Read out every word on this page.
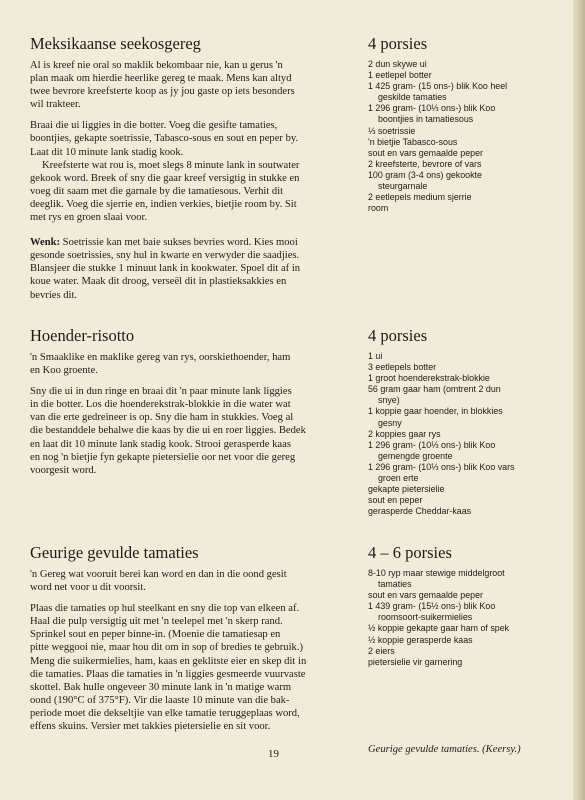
Meksikaanse seekosgereg

Al is kreef nie oral so maklik bekombaar nie, kan u gerus 'n
plan maak om hierdie heerlike gereg te maak. Mens kan altyd
twee bevrore kreefsterte koop as jy jou gaste op iets besonders
wil trakteer.

Braai die ui liggies in die botter. Voeg die gesifte tamaties,
boontjies, gekapte soetrissie, Tabasco-sous en sout en peper by.
Laat dit 10 minute lank stadig kook.

Kreefsterte wat rou is, moet slegs 8 minute lank in soutwater
gekook word. Breek of sny die gaar kreef versigtig in stukke en
voeg dit saam met die garnale by die tamatiesous. Verhit dit
deeglik. Voeg die sjerrie en, indien verkies, bietjie room by. Sit
met rys en groen slaai voor.

Wenk: Soetrissie kan met baie sukses bevries word. Kies mooi
gesonde soetrissies, sny hul in kwarte en verwyder die saadjies.
Blansjeer die stukke 1 minuut lank in kookwater. Spoel dit af in
koue water. Maak dit droog, verseël dit in plastieksakkies en
bevries dit.

4 porsies
2 dun skywe ui
1 eetlepel botter
1 425 gram- (15 ons-) blik Koo heel
geskilde tamaties
1 296 gram- (10⅓ ons-) blik Koo
boontjies in tamatiesous
⅓ soetrissie
'n bietjie Tabasco-sous
sout en vars gemaalde peper
2 kreefsterte, bevrore of vars
100 gram (3-4 ons) gekookte
steurgarnale
2 eetlepels medium sjerrie
room
Hoender-risotto

'n Smaaklike en maklike gereg van rys, oorskiethoender, ham
en Koo groente.

Sny die ui in dun ringe en braai dit 'n paar minute lank liggies
in die botter. Los die hoenderekstrak-blokkie in die water wat
van die erte gedreineer is op. Sny die ham in stukkies. Voeg al
die bestanddele behalwe die kaas by die ui en roer liggies. Bedek
en laat dit 10 minute lank stadig kook. Strooi gerasperde kaas
en nog 'n bietjie fyn gekapte pietersielie oor net voor die gereg
voorgesit word.

4 porsies
1 ui
3 eetlepels botter
1 groot hoenderekstrak-blokkie
56 gram gaar ham (omtrent 2 dun
snye)
1 koppie gaar hoender, in blokkies
gesny
2 koppies gaar rys
1 296 gram- (10⅓ ons-) blik Koo
gemengde groente
1 296 gram- (10⅓ ons-) blik Koo vars
groen erte
gekapte pietersielie
sout en peper
gerasperde Cheddar-kaas
Geurige gevulde tamaties

'n Gereg wat vooruit berei kan word en dan in die oond gesit
word net voor u dit voorsit.

Plaas die tamaties op hul steelkant en sny die top van elkeen af.
Haal die pulp versigtig uit met 'n teelepel met 'n skerp rand.
Sprinkel sout en peper binne-in. (Moenie die tamatiesap en
pitte weggooi nie, maar hou dit om in sop of bredies te gebruik.)
Meng die suikermielies, ham, kaas en geklitste eier en skep dit in
die tamaties. Plaas die tamaties in 'n liggies gesmeerde vuurvaste
skottel. Bak hulle ongeveer 30 minute lank in 'n matige warm
oond (190°C of 375°F). Vir die laaste 10 minute van die bak-
periode moet die dekseltjie van elke tamatie teruggeplaas word,
effens skuins. Versier met takkies pietersielie en sit voor.

4 – 6 porsies
8-10 ryp maar stewige middelgroot
tamaties
sout en vars gemaalde peper
1 439 gram- (15½ ons-) blik Koo
roomsoort-suikermielies
½ koppie gekapte gaar ham of spek
½ koppie gerasperde kaas
2 eiers
pietersielie vir garnering
19	Geurige gevulde tamaties. (Keersy.)
